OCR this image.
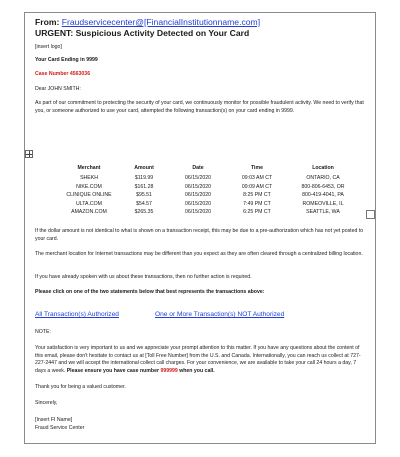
From: Fraudservicecenter@[FinancialInstitutionname.com]
URGENT: Suspicious Activity Detected on Your Card
[insert logo]
Your Card Ending in 9999
Case Number 4563036
Dear JOHN SMITH:
As part of our commitment to protecting the security of your card, we continuously monitor for possible fraudulent activity. We need to verify that you, or someone authorized to use your card, attempted the following transaction(s) on your card ending in 9999.
Merchant	Amount	Date	Time	Location
SHEKH	$119.99	06/15/2020	09:03 AM CT	ONTARIO, CA
NIKE.COM	$161.28	06/15/2020	09:09 AM CT	800-806-6453, OR
CLINIQUE ONLINE	$95.51	06/15/2020	8:25 PM CT	800-419-4041, PA
ULTA.COM	$54.57	06/15/2020	7:49 PM CT	ROMEOVILLE, IL
AMAZON.COM	$265.35	06/15/2020	6:25 PM CT	SEATTLE, WA
If the dollar amount is not identical to what is shown on a transaction receipt, this may be due to a pre-authorization which has not yet posted to your card.
The merchant location for Internet transactions may be different than you expect as they are often cleared through a centralized billing location.
If you have already spoken with us about these transactions, then no further action is required.
Please click on one of the two statements below that best represents the transactions above:
All Transaction(s) Authorized	One or More Transaction(s) NOT Authorized
NOTE:
Your satisfaction is very important to us and we appreciate your prompt attention to this matter. If you have any questions about the content of this email, please don't hesitate to contact us at [Toll Free Number] from the U.S. and Canada. Internationally, you can reach us collect at 727-227-2447 and we will accept the international collect call charges. For your convenience, we are available to take your call 24 hours a day, 7 days a week. Please ensure you have case number 999999 when you call.
Thank you for being a valued customer.
Sincerely,
[Insert FI Name]
Fraud Service Center
